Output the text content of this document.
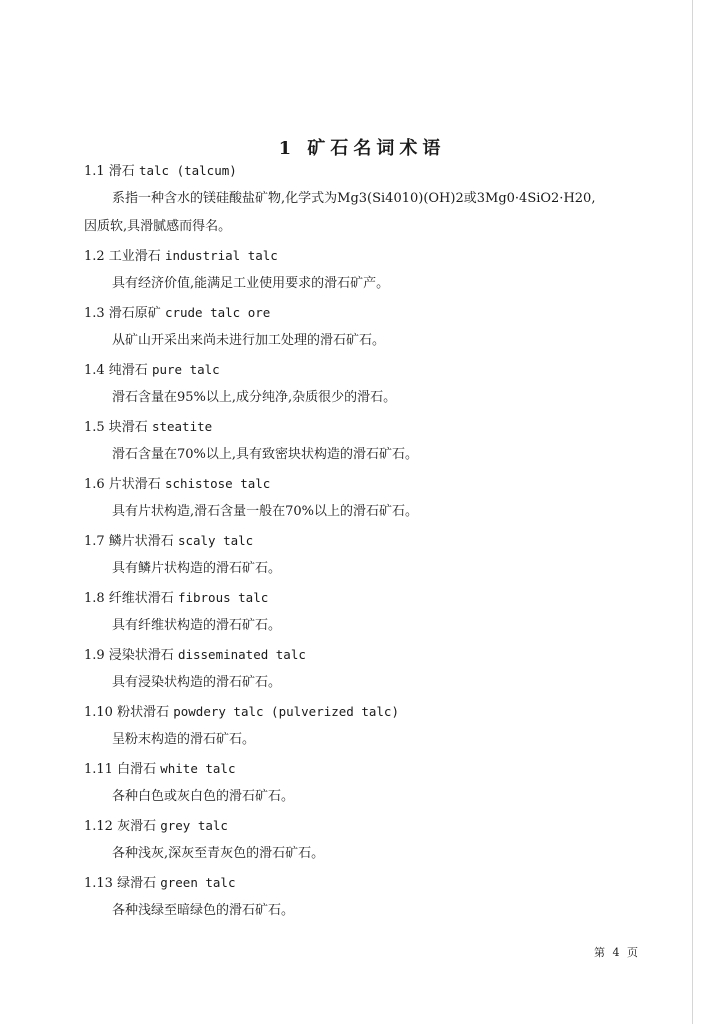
1 矿石名词术语
1.1 滑石 talc (talcum)
系指一种含水的镁硅酸盐矿物,化学式为Mg3(Si4010)(OH)2或3Mg0·4SiO2·H20,
因质软,具滑腻感而得名。
1.2 工业滑石 industrial talc
具有经济价值,能满足工业使用要求的滑石矿产。
1.3 滑石原矿 crude talc ore
从矿山开采出来尚未进行加工处理的滑石矿石。
1.4 纯滑石 pure talc
滑石含量在95%以上,成分纯净,杂质很少的滑石。
1.5 块滑石 steatite
滑石含量在70%以上,具有致密块状构造的滑石矿石。
1.6 片状滑石 schistose talc
具有片状构造,滑石含量一般在70%以上的滑石矿石。
1.7 鳞片状滑石 scaly talc
具有鳞片状构造的滑石矿石。
1.8 纤维状滑石 fibrous talc
具有纤维状构造的滑石矿石。
1.9 浸染状滑石 disseminated talc
具有浸染状构造的滑石矿石。
1.10 粉状滑石 powdery talc (pulverized talc)
呈粉末构造的滑石矿石。
1.11 白滑石 white talc
各种白色或灰白色的滑石矿石。
1.12 灰滑石 grey talc
各种浅灰,深灰至青灰色的滑石矿石。
1.13 绿滑石 green talc
各种浅绿至暗绿色的滑石矿石。
第 4 页
